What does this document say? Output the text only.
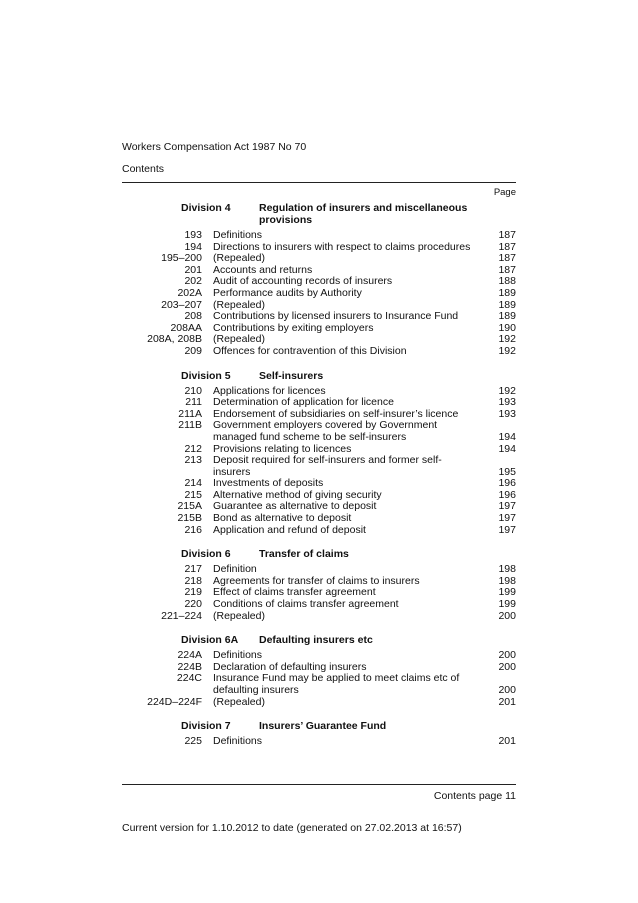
Workers Compensation Act 1987 No 70
Contents
Page
Division 4	Regulation of insurers and miscellaneous provisions
193 Definitions	187
194 Directions to insurers with respect to claims procedures	187
195–200 (Repealed)	187
201 Accounts and returns	187
202 Audit of accounting records of insurers	188
202A Performance audits by Authority	189
203–207 (Repealed)	189
208 Contributions by licensed insurers to Insurance Fund	189
208AA Contributions by exiting employers	190
208A, 208B (Repealed)	192
209 Offences for contravention of this Division	192
Division 5	Self-insurers
210 Applications for licences	192
211 Determination of application for licence	193
211A Endorsement of subsidiaries on self-insurer’s licence	193
211B Government employers covered by Government managed fund scheme to be self-insurers	194
212 Provisions relating to licences	194
213 Deposit required for self-insurers and former self-insurers	195
214 Investments of deposits	196
215 Alternative method of giving security	196
215A Guarantee as alternative to deposit	197
215B Bond as alternative to deposit	197
216 Application and refund of deposit	197
Division 6	Transfer of claims
217 Definition	198
218 Agreements for transfer of claims to insurers	198
219 Effect of claims transfer agreement	199
220 Conditions of claims transfer agreement	199
221–224 (Repealed)	200
Division 6A Defaulting insurers etc
224A Definitions	200
224B Declaration of defaulting insurers	200
224C Insurance Fund may be applied to meet claims etc of defaulting insurers	200
224D–224F (Repealed)	201
Division 7	Insurers’ Guarantee Fund
225 Definitions	201
Contents page 11
Current version for 1.10.2012 to date (generated on 27.02.2013 at 16:57)
